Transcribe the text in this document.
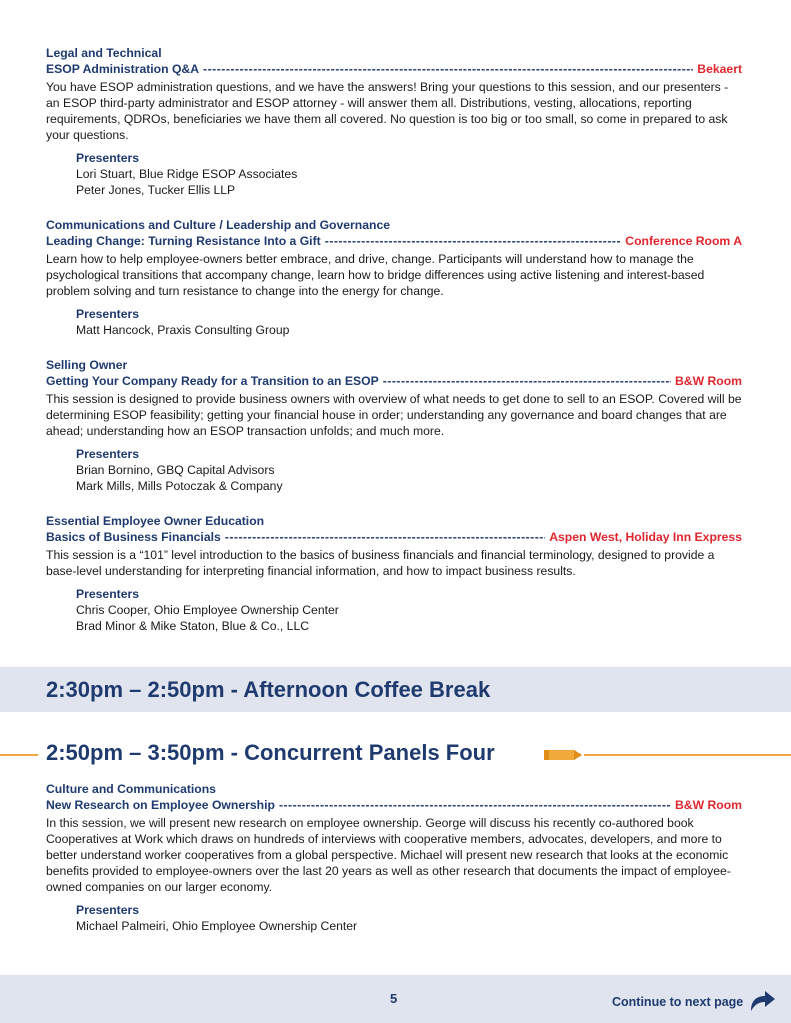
Legal and Technical
ESOP Administration Q&A -----	Bekaert
You have ESOP administration questions, and we have the answers! Bring your questions to this session, and our presenters - an ESOP third-party administrator and ESOP attorney - will answer them all. Distributions, vesting, allocations, reporting requirements, QDROs, beneficiaries we have them all covered. No question is too big or too small, so come in prepared to ask your questions.
Presenters
Lori Stuart, Blue Ridge ESOP Associates
Peter Jones, Tucker Ellis LLP
Communications and Culture / Leadership and Governance
Leading Change: Turning Resistance Into a Gift -----	Conference Room A
Learn how to help employee-owners better embrace, and drive, change. Participants will understand how to manage the psychological transitions that accompany change, learn how to bridge differences using active listening and interest-based problem solving and turn resistance to change into the energy for change.
Presenters
Matt Hancock, Praxis Consulting Group
Selling Owner
Getting Your Company Ready for a Transition to an ESOP -----	B&W Room
This session is designed to provide business owners with overview of what needs to get done to sell to an ESOP. Covered will be determining ESOP feasibility; getting your financial house in order; understanding any governance and board changes that are ahead; understanding how an ESOP transaction unfolds; and much more.
Presenters
Brian Bornino, GBQ Capital Advisors
Mark Mills, Mills Potoczak & Company
Essential Employee Owner Education
Basics of Business Financials -----	Aspen West, Holiday Inn Express
This session is a “101” level introduction to the basics of business financials and financial terminology, designed to provide a base-level understanding for interpreting financial information, and how to impact business results.
Presenters
Chris Cooper, Ohio Employee Ownership Center
Brad Minor & Mike Staton, Blue & Co., LLC
2:30pm – 2:50pm - Afternoon Coffee Break
2:50pm – 3:50pm - Concurrent Panels Four
Culture and Communications
New Research on Employee Ownership -----	B&W Room
In this session, we will present new research on employee ownership. George will discuss his recently co-authored book Cooperatives at Work which draws on hundreds of interviews with cooperative members, advocates, developers, and more to better understand worker cooperatives from a global perspective. Michael will present new research that looks at the economic benefits provided to employee-owners over the last 20 years as well as other research that documents the impact of employee-owned companies on our larger economy.
Presenters
Michael Palmeiri, Ohio Employee Ownership Center
5	Continue to next page
